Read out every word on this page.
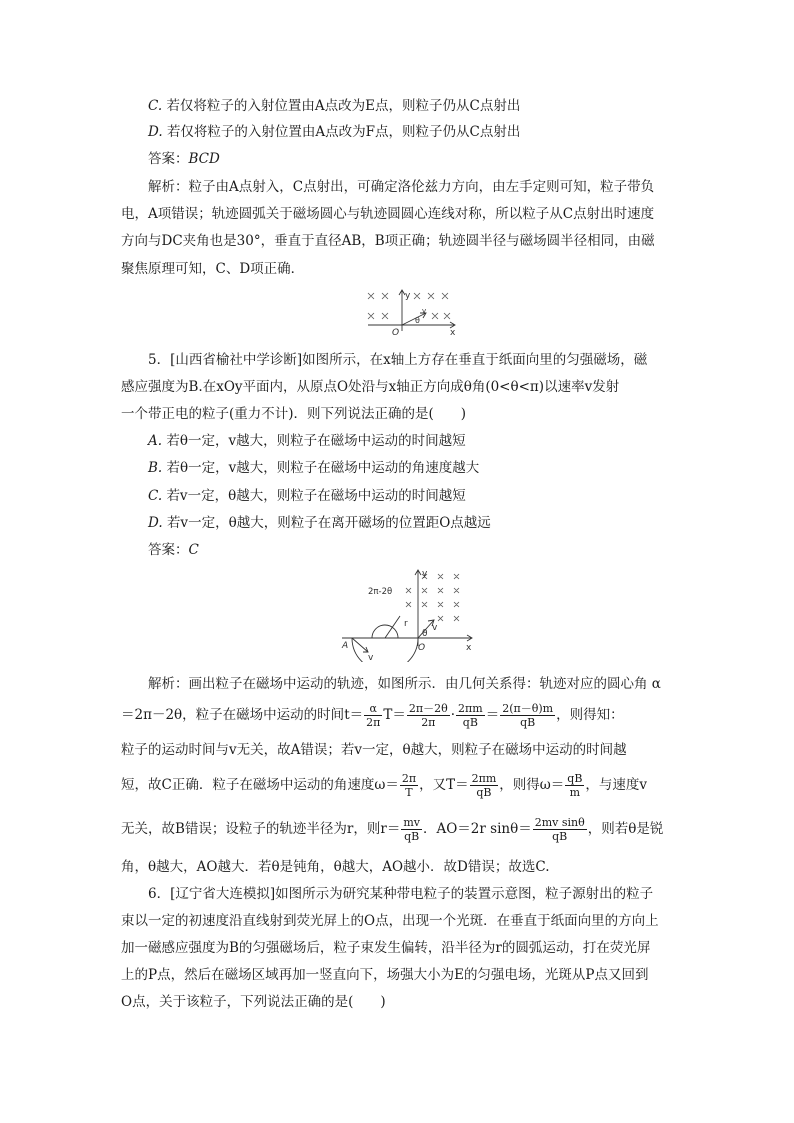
C. 若仅将粒子的入射位置由A点改为E点，则粒子仍从C点射出
D. 若仅将粒子的入射位置由A点改为F点，则粒子仍从C点射出
答案：BCD
解析：粒子由A点射入，C点射出，可确定洛伦兹力方向，由左手定则可知，粒子带负
电，A项错误；轨迹圆弧关于磁场圆心与轨迹圆圆心连线对称，所以粒子从C点射出时速度
方向与DC夹角也是30°，垂直于直径AB，B项正确；轨迹圆半径与磁场圆半径相同，由磁
聚焦原理可知，C、D项正确．
y
O	x
v
θ
5．[山西省榆社中学诊断]如图所示，在x轴上方存在垂直于纸面向里的匀强磁场，磁
感应强度为B.在xOy平面内，从原点O处沿与x轴正方向成θ角(0<θ<π)以速率v发射
一个带正电的粒子(重力不计)．则下列说法正确的是(　　)
A. 若θ一定，v越大，则粒子在磁场中运动的时间越短
B. 若θ一定，v越大，则粒子在磁场中运动的角速度越大
C. 若v一定，θ越大，则粒子在磁场中运动的时间越短
D. 若v一定，θ越大，则粒子在离开磁场的位置距O点越远
答案：C
2π-2θ
y
O	x
A
v
v
r
θ
解析：画出粒子在磁场中运动的轨迹，如图所示．由几何关系得：轨迹对应的圆心角 α
＝2π－2θ，粒子在磁场中运动的时间$t= \frac{\alpha}{2\pi} T= \frac{2\pi-2\theta}{2\pi} \cdot \frac{2\pi m}{qB} = \frac{2(\pi-\theta)m}{qB}$ ，则得知：
粒子的运动时间与v无关，故A错误；若v一定，θ越大，则粒子在磁场中运动的时间越
短，故C正确．粒子在磁场中运动的角速度$\omega= \frac{2\pi}{T}$ ，又$T= \frac{2\pi m}{qB}$ ，则得$\omega= \frac{qB}{m}$ ，与速度v
无关，故B错误；设粒子的轨迹半径为r，则$r= \frac{mv}{qB}$ ．AO＝2r $\sin\theta= \frac{\text{2mv sinθ}}{qB}$ ，则若θ是锐
角，θ越大，AO越大．若θ是钝角，θ越大，AO越小．故D错误；故选C.
6．[辽宁省大连模拟]如图所示为研究某种带电粒子的装置示意图，粒子源射出的粒子
束以一定的初速度沿直线射到荧光屏上的O点，出现一个光斑．在垂直于纸面向里的方向上
加一磁感应强度为B的匀强磁场后，粒子束发生偏转，沿半径为r的圆弧运动，打在荧光屏
上的P点，然后在磁场区域再加一竖直向下，场强大小为E的匀强电场，光斑从P点又回到
O点，关于该粒子，下列说法正确的是(　　)
